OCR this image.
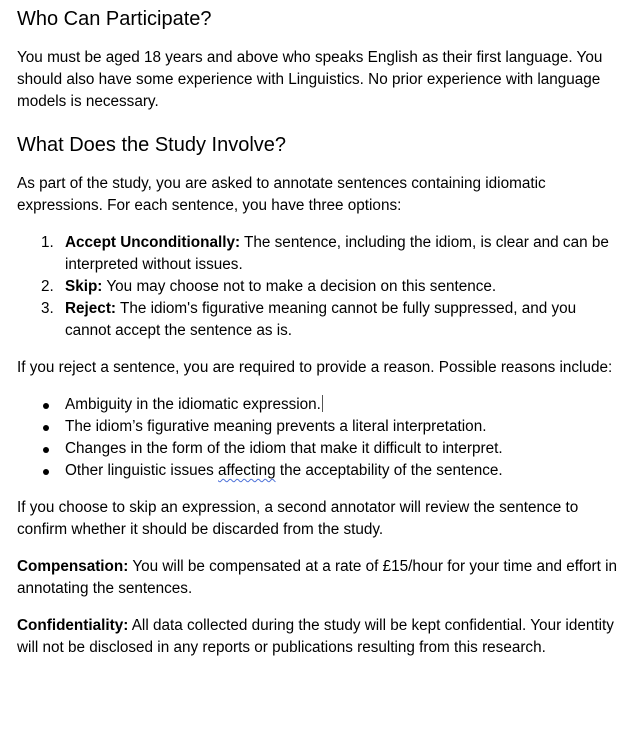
Who Can Participate?

You must be aged 18 years and above who speaks English as their first language. You should also have some experience with Linguistics. No prior experience with language models is necessary.

What Does the Study Involve?

As part of the study, you are asked to annotate sentences containing idiomatic expressions. For each sentence, you have three options:

1. Accept Unconditionally: The sentence, including the idiom, is clear and can be interpreted without issues.
2. Skip: You may choose not to make a decision on this sentence.
3. Reject: The idiom's figurative meaning cannot be fully suppressed, and you cannot accept the sentence as is.

If you reject a sentence, you are required to provide a reason. Possible reasons include:

Ambiguity in the idiomatic expression.
The idiom’s figurative meaning prevents a literal interpretation.
Changes in the form of the idiom that make it difficult to interpret.
Other linguistic issues affecting the acceptability of the sentence.

If you choose to skip an expression, a second annotator will review the sentence to confirm whether it should be discarded from the study.

Compensation: You will be compensated at a rate of £15/hour for your time and effort in annotating the sentences.

Confidentiality: All data collected during the study will be kept confidential. Your identity will not be disclosed in any reports or publications resulting from this research.
